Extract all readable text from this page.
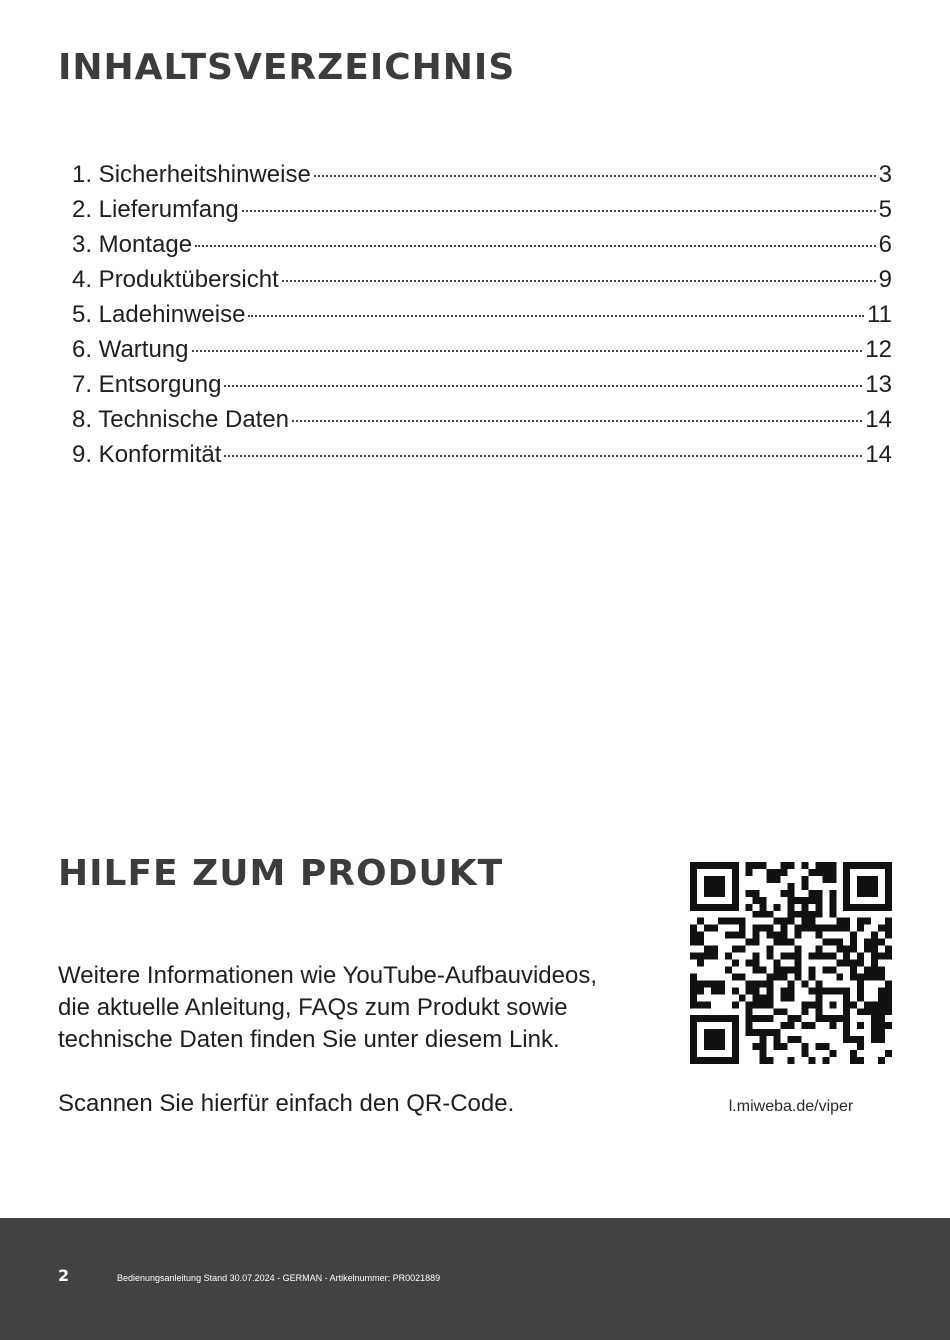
INHALTSVERZEICHNIS
1. Sicherheitshinweise	3
2. Lieferumfang	5
3. Montage	6
4. Produktübersicht	9
5. Ladehinweise	11
6. Wartung	12
7. Entsorgung	13
8. Technische Daten	14
9. Konformität	14
HILFE ZUM PRODUKT

Weitere Informationen wie YouTube-Aufbauvideos,
die aktuelle Anleitung, FAQs zum Produkt sowie
technische Daten finden Sie unter diesem Link.

Scannen Sie hierfür einfach den QR-Code.	l.miweba.de/viper
2	Bedienungsanleitung Stand 30.07.2024 - GERMAN - Artikelnummer: PR0021889
